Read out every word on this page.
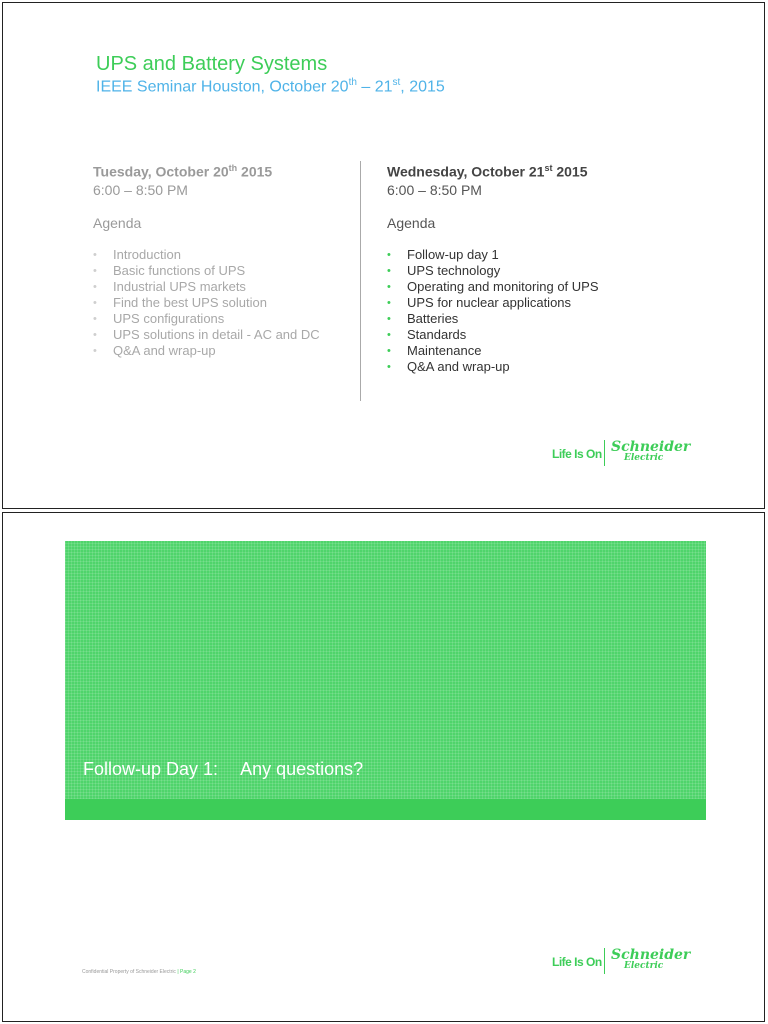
UPS and Battery Systems
IEEE Seminar Houston, October 20th – 21st, 2015

Tuesday, October 20th 2015

6:00 – 8:50 PM

Agenda

• Introduction
• Basic functions of UPS
• Industrial UPS markets
• Find the best UPS solution
• UPS configurations
• UPS solutions in detail - AC and DC
• Q&A and wrap-up

Wednesday, October 21st 2015

6:00 – 8:50 PM

Agenda

• Follow-up day 1
• UPS technology
• Operating and monitoring of UPS
• UPS for nuclear applications
• Batteries
• Standards
• Maintenance
• Q&A and wrap-up
Life Is On Schneider
Electric
Follow-up Day 1: Any questions?
Confidential Property of Schneider Electric | Page 2
Life Is On Schneider
Electric
